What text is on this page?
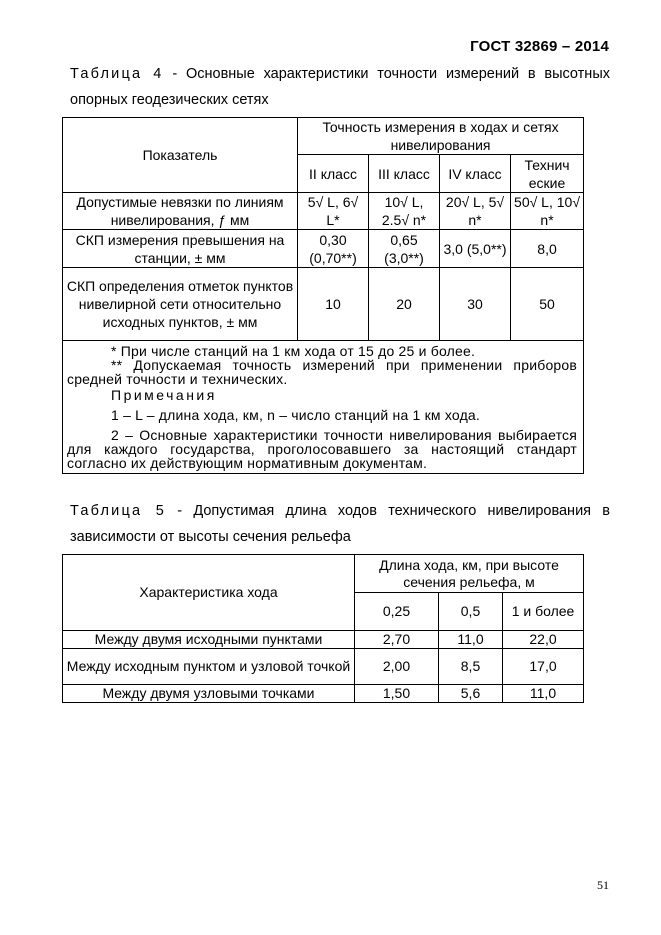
ГОСТ 32869 – 2014
Таблица 4 - Основные характеристики точности измерений в высотных опорных геодезических сетях
Показатель	Точность измерения в ходах и сетях нивелирования			
	II класс	III класс	IV класс	Технич еские
Допустимые невязки по линиям нивелирования, ƒ мм	5√ L, 6√ L*	10√ L, 2.5√ n*	20√ L, 5√ n*	50√ L, 10√ n*
СКП измерения превышения на станции, ± мм	0,30 (0,70**)	0,65 (3,0**)	3,0 (5,0**)	8,0
СКП определения отметок пунктов нивелирной сети относительно исходных пунктов, ± мм	10	20	30	50

* При числе станций на 1 км хода от 15 до 25 и более.

** Допускаемая точность измерений при применении приборов средней точности и технических.

Примечания

1 – L – длина хода, км, n – число станций на 1 км хода.

2 – Основные характеристики точности нивелирования выбирается для каждого государства, проголосовавшего за настоящий стандарт согласно их действующим нормативным документам.				

Таблица 5 - Допустимая длина ходов технического нивелирования в зависимости от высоты сечения рельефа
Характеристика хода	Длина хода, км, при высоте сечения рельефа, м		
	0,25	0,5	1 и более
Между двумя исходными пунктами	2,70	11,0	22,0
Между исходным пунктом и узловой точкой	2,00	8,5	17,0
Между двумя узловыми точками	1,50	5,6	11,0
51
